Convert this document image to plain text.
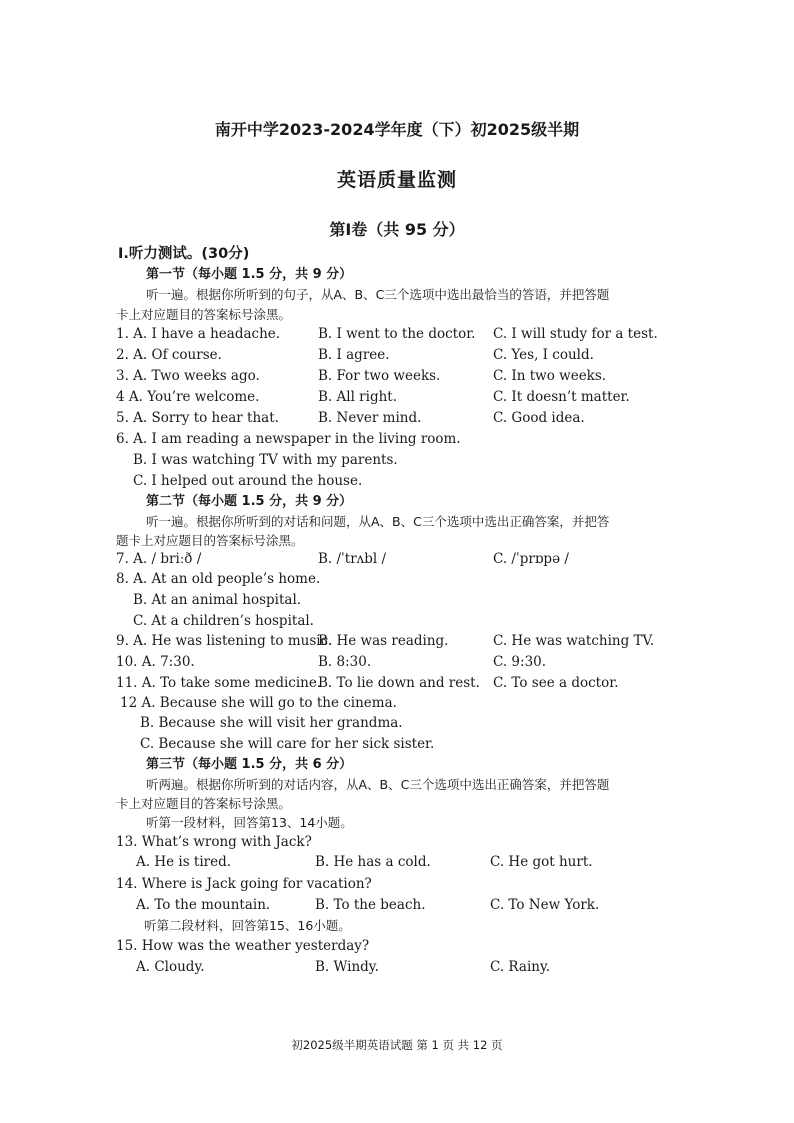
南开中学2023-2024学年度（下）初2025级半期
英语质量监测
第Ⅰ卷（共 95 分）
Ⅰ.听力测试。(30分)
第一节（每小题 1.5 分，共 9 分）
听一遍。根据你所听到的句子，从A、B、C三个选项中选出最恰当的答语，并把答题
卡上对应题目的答案标号涂黑。
1. A. I have a headache.	B. I went to the doctor. C. I will study for a test.
2. A. Of course.	B. I agree.	C. Yes, I could.
3. A. Two weeks ago.	B. For two weeks.	C. In two weeks.
4 A. You’re welcome.	B. All right.	C. It doesn’t matter.
5. A. Sorry to hear that.	B. Never mind.	C. Good idea.
6. A. I am reading a newspaper in the living room.
B. I was watching TV with my parents.
C. I helped out around the house.
第二节（每小题 1.5 分，共 9 分）
听一遍。根据你所听到的对话和问题，从A、B、C三个选项中选出正确答案，并把答
题卡上对应题目的答案标号涂黑。
7. A. / briːð /	B. /ˈtrʌbl /	C. /ˈprɒpə /
8. A. At an old people’s home.
B. At an animal hospital.
C. At a children’s hospital.
9. A. He was listening to music.
B. He was reading.	C. He was watching TV.
10. A. 7:30.	B. 8:30.	C. 9:30.
11. A. To take some medicine.
B. To lie down and rest. C. To see a doctor.
12 A. Because she will go to the cinema.
B. Because she will visit her grandma.
C. Because she will care for her sick sister.
第三节（每小题 1.5 分，共 6 分）
听两遍。根据你所听到的对话内容，从A、B、C三个选项中选出正确答案，并把答题
卡上对应题目的答案标号涂黑。
听第一段材料，回答第13、14小题。
13. What’s wrong with Jack?
A. He is tired.	B. He has a cold.	C. He got hurt.
14. Where is Jack going for vacation?
A. To the mountain.	B. To the beach.	C. To New York.
听第二段材料，回答第15、16小题。
15. How was the weather yesterday?
A. Cloudy.	B. Windy.	C. Rainy.
初2025级半期英语试题 第 1 页 共 12 页
